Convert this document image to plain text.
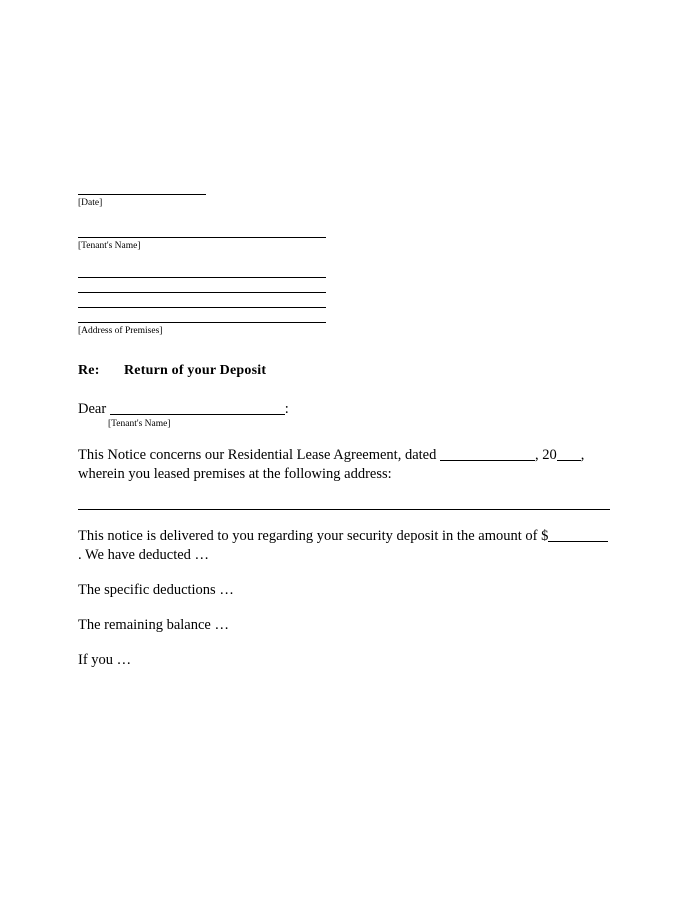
[Date]
[Tenant's Name]
[Address of Premises]
Re: Return of your Deposit
Dear	:
[Tenant's Name]
This Notice concerns our Residential Lease Agreement, dated	, 20 , wherein you leased premises at the following address:
This notice is delivered to you regarding your security deposit in the amount of $. We have deducted …
The specific deductions …
The remaining balance …
If you …
